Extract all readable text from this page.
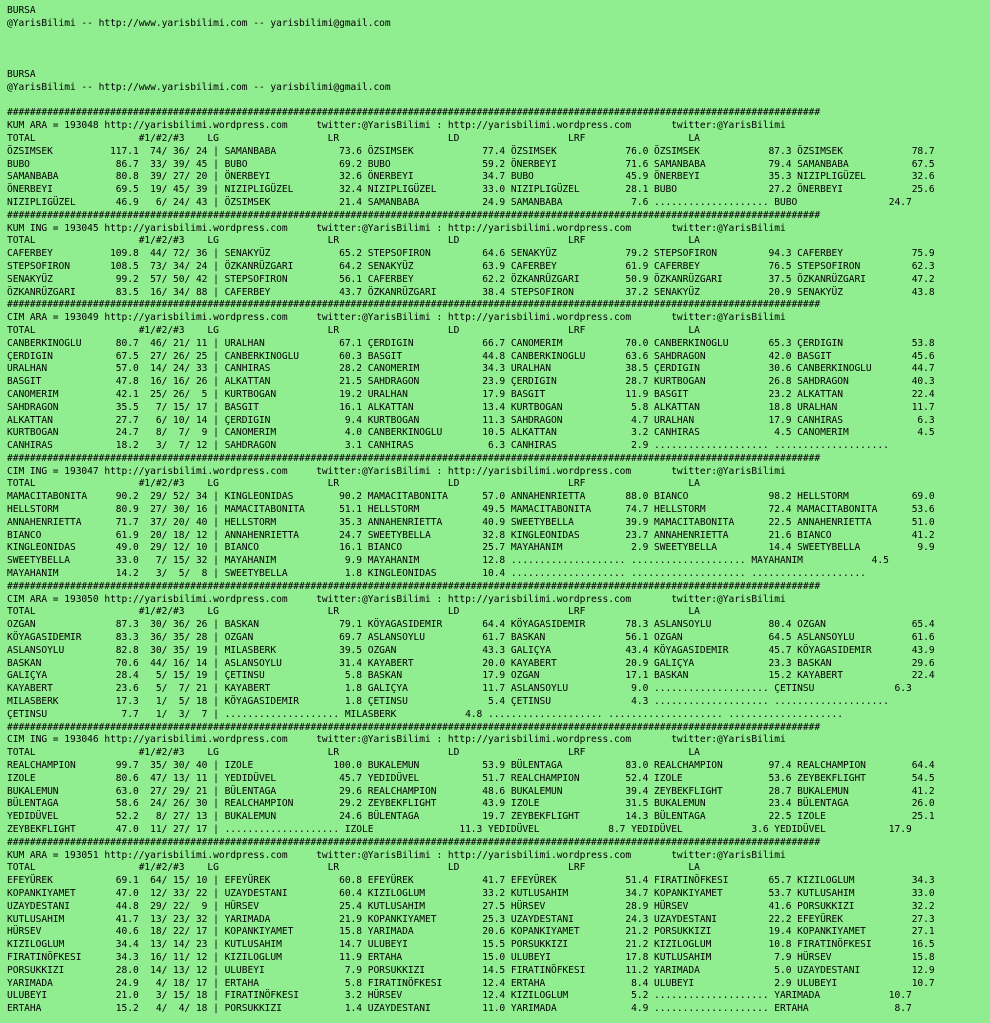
BURSA
@YarisBilimi -- http://www.yarisbilimi.com -- yarisbilimi@gmail.com
BURSA
@YarisBilimi -- http://www.yarisbilimi.com -- yarisbilimi@gmail.com
##############################################################################################################################################
KUM ARA = 193048 http://yarisbilimi.wordpress.com     twitter:@YarisBilimi : http://yarisbilimi.wordpress.com       twitter:@YarisBilimi
TOTAL                  #1/#2/#3    LG                   LR                   LD                   LRF                  LA
ÖZSIMSEK          117.1  74/ 36/ 24 | SAMANBABA           73.6 ÖZSIMSEK            77.4 ÖZSIMSEK            76.0 ÖZSIMSEK            87.3 ÖZSIMSEK            78.7
BUBO               86.7  33/ 39/ 45 | BUBO                69.2 BUBO                59.2 ÖNERBEYI            71.6 SAMANBABA           79.4 SAMANBABA           67.5
SAMANBABA          80.8  39/ 27/ 20 | ÖNERBEYI            32.6 ÖNERBEYI            34.7 BUBO                45.9 ÖNERBEYI            35.3 NIZIPLIGÜZEL        32.6
ÖNERBEYI           69.5  19/ 45/ 39 | NIZIPLIGÜZEL        32.4 NIZIPLIGÜZEL        33.0 NIZIPLIGÜZEL        28.1 BUBO                27.2 ÖNERBEYI            25.6
NIZIPLIGÜZEL       46.9   6/ 24/ 43 | ÖZSIMSEK            21.4 SAMANBABA           24.9 SAMANBABA            7.6 .................... BUBO                24.7
##############################################################################################################################################
KUM ING = 193045 http://yarisbilimi.wordpress.com     twitter:@YarisBilimi : http://yarisbilimi.wordpress.com       twitter:@YarisBilimi
TOTAL                  #1/#2/#3    LG                   LR                   LD                   LRF                  LA
CAFERBEY          109.8  44/ 72/ 36 | SENAKYÜZ            65.2 STEPSOFIRON         64.6 SENAKYÜZ            79.2 STEPSOFIRON         94.3 CAFERBEY            75.9
STEPSOFIRON       108.5  73/ 34/ 24 | ÖZKANRÜZGARI        64.2 SENAKYÜZ            63.9 CAFERBEY            61.9 CAFERBEY            76.5 STEPSOFIRON         62.3
SENAKYÜZ           99.2  57/ 50/ 42 | STEPSOFIRON         56.1 CAFERBEY            62.2 ÖZKANRÜZGARI        50.9 ÖZKANRÜZGARI        37.5 ÖZKANRÜZGARI        47.2
ÖZKANRÜZGARI       83.5  16/ 34/ 88 | CAFERBEY            43.7 ÖZKANRÜZGARI        38.4 STEPSOFIRON         37.2 SENAKYÜZ            20.9 SENAKYÜZ            43.8
##############################################################################################################################################
CIM ARA = 193049 http://yarisbilimi.wordpress.com     twitter:@YarisBilimi : http://yarisbilimi.wordpress.com       twitter:@YarisBilimi
TOTAL                  #1/#2/#3    LG                   LR                   LD                   LRF                  LA
CANBERKINOGLU      80.7  46/ 21/ 11 | URALHAN             67.1 ÇERDIGIN            66.7 CANOMERIM           70.0 CANBERKINOGLU       65.3 ÇERDIGIN            53.8
ÇERDIGIN           67.5  27/ 26/ 25 | CANBERKINOGLU       60.3 BASGIT              44.8 CANBERKINOGLU       63.6 SAHDRAGON           42.0 BASGIT              45.6
URALHAN            57.0  14/ 24/ 33 | CANHIRAS            28.2 CANOMERIM           34.3 URALHAN             38.5 ÇERDIGIN            30.6 CANBERKINOGLU       44.7
BASGIT             47.8  16/ 16/ 26 | ALKATTAN            21.5 SAHDRAGON           23.9 ÇERDIGIN            28.7 KURTBOGAN           26.8 SAHDRAGON           40.3
CANOMERIM          42.1  25/ 26/  5 | KURTBOGAN           19.2 URALHAN             17.9 BASGIT              11.9 BASGIT              23.2 ALKATTAN            22.4
SAHDRAGON          35.5   7/ 15/ 17 | BASGIT              16.1 ALKATTAN            13.4 KURTBOGAN            5.8 ALKATTAN            18.8 URALHAN             11.7
ALKATTAN           27.7   6/ 10/ 14 | ÇERDIGIN             9.4 KURTBOGAN           11.3 SAHDRAGON            4.7 URALHAN             17.9 CANHIRAS             6.3
KURTBOGAN          24.7   8/  7/  9 | CANOMERIM            4.0 CANBERKINOGLU       10.5 ALKATTAN             3.2 CANHIRAS             4.5 CANOMERIM            4.5
CANHIRAS           18.2   3/  7/ 12 | SAHDRAGON            3.1 CANHIRAS             6.3 CANHIRAS             2.9 .................... ....................
##############################################################################################################################################
CIM ING = 193047 http://yarisbilimi.wordpress.com     twitter:@YarisBilimi : http://yarisbilimi.wordpress.com       twitter:@YarisBilimi
TOTAL                  #1/#2/#3    LG                   LR                   LD                   LRF                  LA
MAMACITABONITA     90.2  29/ 52/ 34 | KINGLEONIDAS        90.2 MAMACITABONITA      57.0 ANNAHENRIETTA       88.0 BIANCO              98.2 HELLSTORM           69.0
HELLSTORM          80.9  27/ 30/ 16 | MAMACITABONITA      51.1 HELLSTORM           49.5 MAMACITABONITA      74.7 HELLSTORM           72.4 MAMACITABONITA      53.6
ANNAHENRIETTA      71.7  37/ 20/ 40 | HELLSTORM           35.3 ANNAHENRIETTA       40.9 SWEETYBELLA         39.9 MAMACITABONITA      22.5 ANNAHENRIETTA       51.0
BIANCO             61.9  20/ 18/ 12 | ANNAHENRIETTA       24.7 SWEETYBELLA         32.8 KINGLEONIDAS        23.7 ANNAHENRIETTA       21.6 BIANCO              41.2
KINGLEONIDAS       49.0  29/ 12/ 10 | BIANCO              16.1 BIANCO              25.7 MAYAHANIM            2.9 SWEETYBELLA         14.4 SWEETYBELLA          9.9
SWEETYBELLA        33.0   7/ 15/ 32 | MAYAHANIM            9.9 MAYAHANIM           12.8 .................... .................... MAYAHANIM            4.5
MAYAHANIM          14.2   3/  5/  8 | SWEETYBELLA          1.8 KINGLEONIDAS        10.4 .................... .................... ....................
##############################################################################################################################################
CIM ARA = 193050 http://yarisbilimi.wordpress.com     twitter:@YarisBilimi : http://yarisbilimi.wordpress.com       twitter:@YarisBilimi
TOTAL                  #1/#2/#3    LG                   LR                   LD                   LRF                  LA
OZGAN              87.3  30/ 36/ 26 | BASKAN              79.1 KÖYAGASIDEMIR       64.4 KÖYAGASIDEMIR       78.3 ASLANSOYLU          80.4 OZGAN               65.4
KÖYAGASIDEMIR      83.3  36/ 35/ 28 | OZGAN               69.7 ASLANSOYLU          61.7 BASKAN              56.1 OZGAN               64.5 ASLANSOYLU          61.6
ASLANSOYLU         82.8  30/ 35/ 19 | MILASBERK           39.5 OZGAN               43.3 GALIÇYA             43.4 KÖYAGASIDEMIR       45.7 KÖYAGASIDEMIR       43.9
BASKAN             70.6  44/ 16/ 14 | ASLANSOYLU          31.4 KAYABERT            20.0 KAYABERT            20.9 GALIÇYA             23.3 BASKAN              29.6
GALIÇYA            28.4   5/ 15/ 19 | ÇETINSU              5.8 BASKAN              17.9 OZGAN               17.1 BASKAN              15.2 KAYABERT            22.4
KAYABERT           23.6   5/  7/ 21 | KAYABERT             1.8 GALIÇYA             11.7 ASLANSOYLU           9.0 .................... ÇETINSU              6.3
MILASBERK          17.3   1/  5/ 18 | KÖYAGASIDEMIR        1.8 ÇETINSU              5.4 ÇETINSU              4.3 .................... ....................
ÇETINSU             7.7   1/  3/  7 | .................... MILASBERK            4.8 .................... .................... ....................
##############################################################################################################################################
CIM ING = 193046 http://yarisbilimi.wordpress.com     twitter:@YarisBilimi : http://yarisbilimi.wordpress.com       twitter:@YarisBilimi
TOTAL                  #1/#2/#3    LG                   LR                   LD                   LRF                  LA
REALCHAMPION       99.7  35/ 30/ 40 | IZOLE              100.0 BUKALEMUN           53.9 BÜLENTAGA           83.0 REALCHAMPION        97.4 REALCHAMPION        64.4
IZOLE              80.6  47/ 13/ 11 | YEDIDÜVEL           45.7 YEDIDÜVEL           51.7 REALCHAMPION        52.4 IZOLE               53.6 ZEYBEKFLIGHT        54.5
BUKALEMUN          63.0  27/ 29/ 21 | BÜLENTAGA           29.6 REALCHAMPION        48.6 BUKALEMUN           39.4 ZEYBEKFLIGHT        28.7 BUKALEMUN           41.2
BÜLENTAGA          58.6  24/ 26/ 30 | REALCHAMPION        29.2 ZEYBEKFLIGHT        43.9 IZOLE               31.5 BUKALEMUN           23.4 BÜLENTAGA           26.0
YEDIDÜVEL          52.2   8/ 27/ 13 | BUKALEMUN           24.6 BÜLENTAGA           19.7 ZEYBEKFLIGHT        14.3 BÜLENTAGA           22.5 IZOLE               25.1
ZEYBEKFLIGHT       47.0  11/ 27/ 17 | .................... IZOLE               11.3 YEDIDÜVEL            8.7 YEDIDÜVEL            3.6 YEDIDÜVEL           17.9
##############################################################################################################################################
KUM ARA = 193051 http://yarisbilimi.wordpress.com     twitter:@YarisBilimi : http://yarisbilimi.wordpress.com       twitter:@YarisBilimi
TOTAL                  #1/#2/#3    LG                   LR                   LD                   LRF                  LA
EFEYÜREK           69.1  64/ 15/ 10 | EFEYÜREK            60.8 EFEYÜREK            41.7 EFEYÜREK            51.4 FIRATINÖFKESI       65.7 KIZILOGLUM          34.3
KOPANKIYAMET       47.0  12/ 33/ 22 | UZAYDESTANI         60.4 KIZILOGLUM          33.2 KUTLUSAHIM          34.7 KOPANKIYAMET        53.7 KUTLUSAHIM          33.0
UZAYDESTANI        44.8  29/ 22/  9 | HÜRSEV              25.4 KUTLUSAHIM          27.5 HÜRSEV              28.9 HÜRSEV              41.6 PORSUKKIZI          32.2
KUTLUSAHIM         41.7  13/ 23/ 32 | YARIMADA            21.9 KOPANKIYAMET        25.3 UZAYDESTANI         24.3 UZAYDESTANI         22.2 EFEYÜREK            27.3
HÜRSEV             40.6  18/ 22/ 17 | KOPANKIYAMET        15.8 YARIMADA            20.6 KOPANKIYAMET        21.2 PORSUKKIZI          19.4 KOPANKIYAMET        27.1
KIZILOGLUM         34.4  13/ 14/ 23 | KUTLUSAHIM          14.7 ULUBEYI             15.5 PORSUKKIZI          21.2 KIZILOGLUM          10.8 FIRATINÖFKESI       16.5
FIRATINÖFKESI      34.3  16/ 11/ 12 | KIZILOGLUM          11.9 ERTAHA              15.0 ULUBEYI             17.8 KUTLUSAHIM           7.9 HÜRSEV              15.8
PORSUKKIZI         28.0  14/ 13/ 12 | ULUBEYI              7.9 PORSUKKIZI          14.5 FIRATINÖFKESI       11.2 YARIMADA             5.0 UZAYDESTANI         12.9
YARIMADA           24.9   4/ 18/ 17 | ERTAHA               5.8 FIRATINÖFKESI       12.4 ERTAHA               8.4 ULUBEYI              2.9 ULUBEYI             10.7
ULUBEYI            21.0   3/ 15/ 18 | FIRATINÖFKESI        3.2 HÜRSEV              12.4 KIZILOGLUM           5.2 .................... YARIMADA            10.7
ERTAHA             15.2   4/  4/ 18 | PORSUKKIZI           1.4 UZAYDESTANI         11.0 YARIMADA             4.9 .................... ERTAHA               8.7
